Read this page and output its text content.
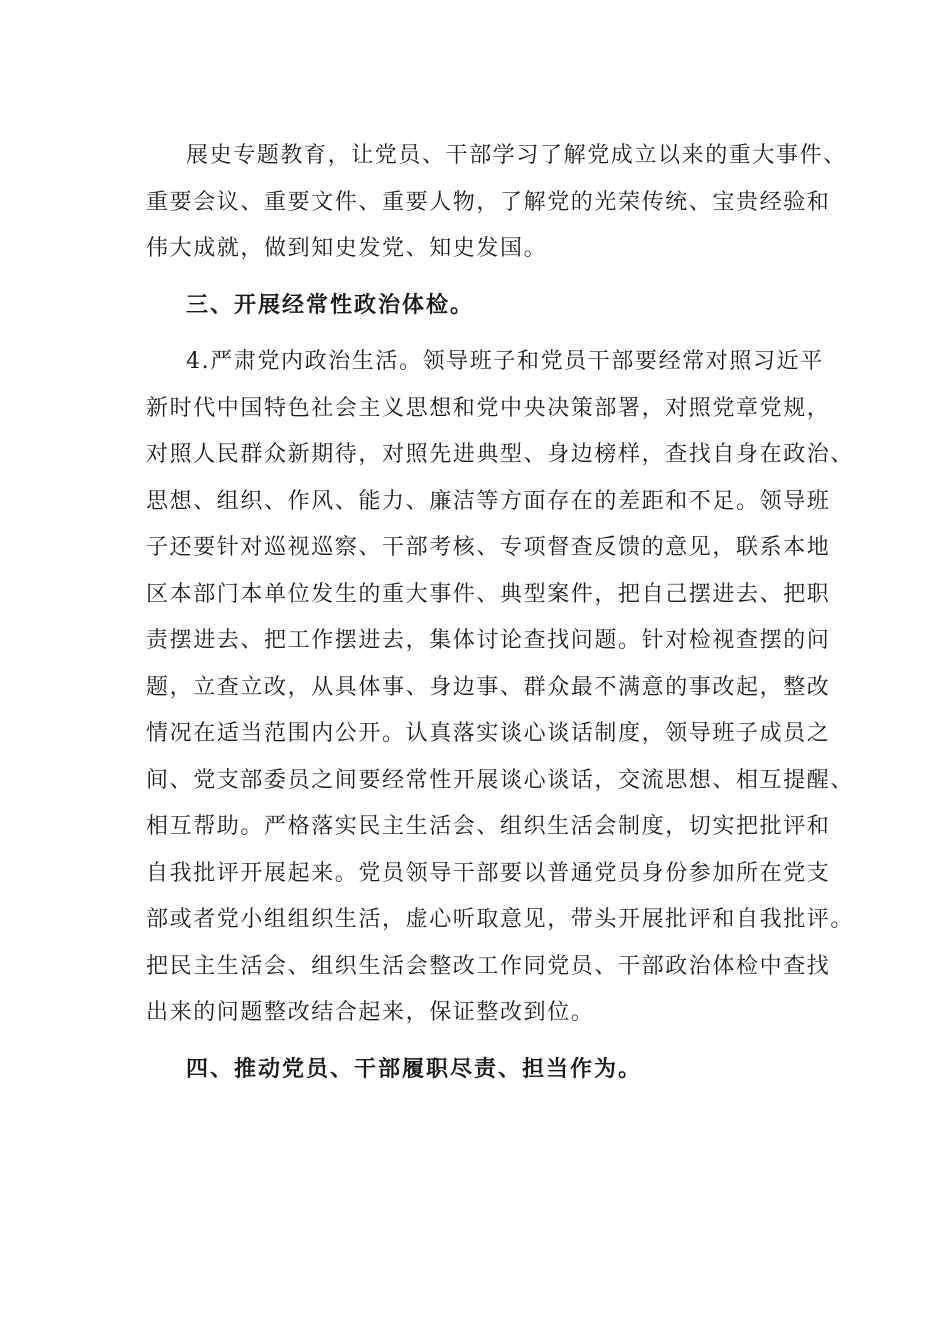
展史专题教育，让党员、干部学习了解党成立以来的重大事件、
重要会议、重要文件、重要人物，了解党的光荣传统、宝贵经验和
伟大成就，做到知史发党、知史发国。
三、开展经常性政治体检。
4.严肃党内政治生活。领导班子和党员干部要经常对照习近平
新时代中国特色社会主义思想和党中央决策部署，对照党章党规，
对照人民群众新期待，对照先进典型、身边榜样，查找自身在政治、
思想、组织、作风、能力、廉洁等方面存在的差距和不足。领导班
子还要针对巡视巡察、干部考核、专项督查反馈的意见，联系本地
区本部门本单位发生的重大事件、典型案件，把自己摆进去、把职
责摆进去、把工作摆进去，集体讨论查找问题。针对检视查摆的问
题，立查立改，从具体事、身边事、群众最不满意的事改起，整改
情况在适当范围内公开。认真落实谈心谈话制度，领导班子成员之
间、党支部委员之间要经常性开展谈心谈话，交流思想、相互提醒、
相互帮助。严格落实民主生活会、组织生活会制度，切实把批评和
自我批评开展起来。党员领导干部要以普通党员身份参加所在党支
部或者党小组组织生活，虚心听取意见，带头开展批评和自我批评。
把民主生活会、组织生活会整改工作同党员、干部政治体检中查找
出来的问题整改结合起来，保证整改到位。
四、推动党员、干部履职尽责、担当作为。
